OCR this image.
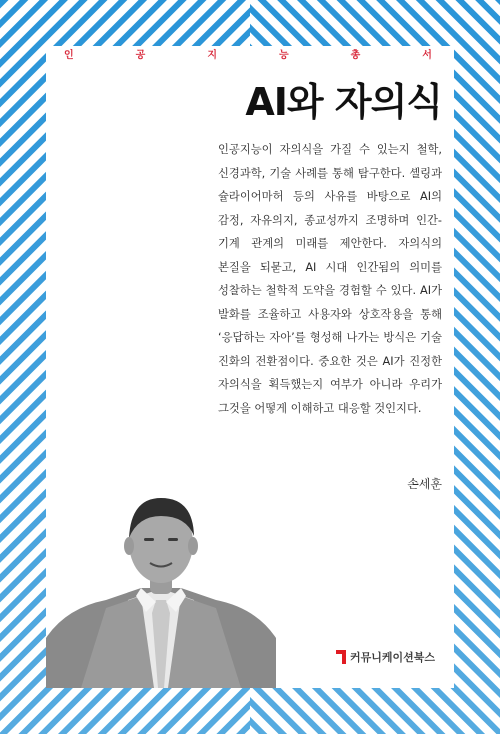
인	공	지	능	총	서
AI와 자의식
인공지능이 자의식을 가질 수 있는지 철학, 신경과학, 기술 사례를 통해 탐구한다. 셸링과 슐라이어마허 등의 사유를 바탕으로 AI의 감정, 자유의지, 종교성까지 조명하며 인간-기계 관계의 미래를 제안한다. 자의식의 본질을 되묻고, AI 시대 인간됨의 의미를 성찰하는 철학적 도약을 경험할 수 있다. AI가 발화를 조율하고 사용자와 상호작용을 통해 ‘응답하는 자아’를 형성해 나가는 방식은 기술 진화의 전환점이다. 중요한 것은 AI가 진정한 자의식을 획득했는지 여부가 아니라 우리가 그것을 어떻게 이해하고 대응할 것인지다.
손세훈
커뮤니케이션북스
